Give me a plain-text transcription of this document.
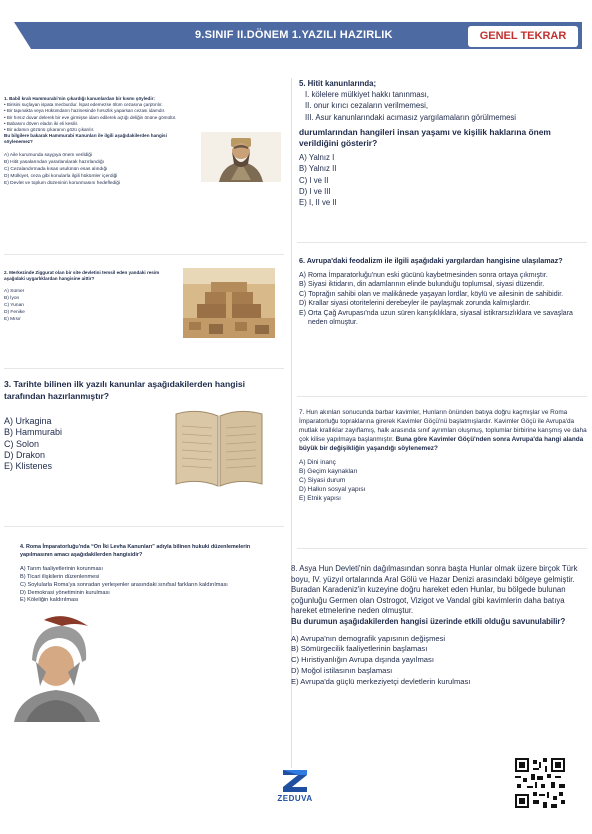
9.SINIF II.DÖNEM 1.YAZILI HAZIRLIK	GENEL TEKRAR
1. Babil kralı Hammurabi'nin çıkardığı kanunlardan bir kısmı şöyledir:
• Birisini suçlayan ispata mecburdur. İspat edemezse ölüm cezasına çarptırılır.
• Bir tapınakta veya Hükümdarın hazinesinde hırsızlık yaparsan cezası idamdır.
• Bir hırsız duvar delerek bir eve girmişse idam edilerek açtığı deliğin önüne gömülür.
• Babasını döven eladın iki eli kesilir.
• Bir adamın gözünü çıkaranın gözü çıkarılır.
Bu bilgilere bakarak Hammurabi Kanunları ile ilgili aşağıdakilerden hangisi söylenemez?
A) Aile kurumunda saygıya önem verildiği
B) Hitit yasalarından yararlanılarak hazırlandığı
C) Cezalandırmada kısas usulünün esas alındığı
D) Mülkiyet, ceza gibi konularla ilgili hükümler içerdiği
E) Devlet ve toplum düzeninin korunmasını hedeflediği
2. Merkezinde Ziggurat olan bir site devletini temsil eden yandaki resim aşağıdaki uygarlıklardan hangisine aittir?
A) Sümer
B) İyon
C) Yunan
D) Fenike
E) Mısır
3. Tarihte bilinen ilk yazılı kanunlar aşağıdakilerden hangisi tarafından hazırlanmıştır?
A) Urkagina
B) Hammurabi
C) Solon
D) Drakon
E) Klistenes
4. Roma İmparatorluğu'nda “On İki Levha Kanunları” adıyla bilinen hukuki düzenlemelerin yapılmasının amacı aşağıdakilerden hangisidir?
A) Tarım faaliyetlerinin korunması
B) Ticari ilişkilerin düzenlenmesi
C) Soylularla Roma'ya sonradan yerleşenler arasındaki sınıfsal farkların kaldırılması
D) Demokrasi yönetiminin kurulması
E) Köleliğin kaldırılması
5. Hitit kanunlarında;
I. kölelere mülkiyet hakkı tanınması,
II. onur kırıcı cezaların verilmemesi,
III. Asur kanunlarındaki acımasız yargılamaların görülmemesi
durumlarından hangileri insan yaşamı ve kişilik haklarına önem verildiğini gösterir?
A) Yalnız I
B) Yalnız II
C) I ve II
D) I ve III
E) I, II ve II
6. Avrupa'daki feodalizm ile ilgili aşağıdaki yargılardan hangisine ulaşılamaz?
A) Roma İmparatorluğu'nun eski gücünü kaybetmesinden sonra ortaya çıkmıştır.
B) Siyasi iktidarın, din adamlarının elinde bulunduğu toplumsal, siyasi düzendir.
C) Toprağın sahibi olan ve malikânede yaşayan lordlar, köylü ve ailesinin de sahibidir.
D) Krallar siyasi otoritelerini derebeyler ile paylaşmak zorunda kalmışlardır.
E) Orta Çağ Avrupası'nda uzun süren karışıklıklara, siyasal istikrarsızlıklara ve savaşlara neden olmuştur.
7. Hun akınları sonucunda barbar kavimler, Hunların önünden batıya doğru kaçmışlar ve Roma İmparatorluğu topraklarına girerek Kavimler Göçü'nü başlatmışlardır. Kavimler Göçü ile Avrupa'da mutlak krallıklar zayıflamış, halk arasında sınıf ayrımları oluşmuş, toplumlar birbirine karışmış ve daha çok kilise yapılmaya başlanmıştır. Buna göre Kavimler Göçü'nden sonra Avrupa'da hangi alanda büyük bir değişikliğin yaşandığı söylenemez?
A) Dini inanç
B) Geçim kaynakları
C) Siyasi durum
D) Halkın sosyal yapısı
E) Etnik yapısı
8. Asya Hun Devleti'nin dağılmasından sonra başta Hunlar olmak üzere birçok Türk boyu, IV. yüzyıl ortalarında Aral Gölü ve Hazar Denizi arasındaki bölgeye gelmiştir. Buradan Karadeniz'in kuzeyine doğru hareket eden Hunlar, bu bölgede bulunan çoğunluğu Germen olan Ostrogot, Vizigot ve Vandal gibi kavimlerin daha batıya hareket etmelerine neden olmuştur.
Bu durumun aşağıdakilerden hangisi üzerinde etkili olduğu savunulabilir?
A) Avrupa'nın demografik yapısının değişmesi
B) Sömürgecilik faaliyetlerinin başlaması
C) Hıristiyanlığın Avrupa dışında yayılması
D) Moğol istilasının başlaması
E) Avrupa'da güçlü merkeziyetçi devletlerin kurulması
ZEDUVA
